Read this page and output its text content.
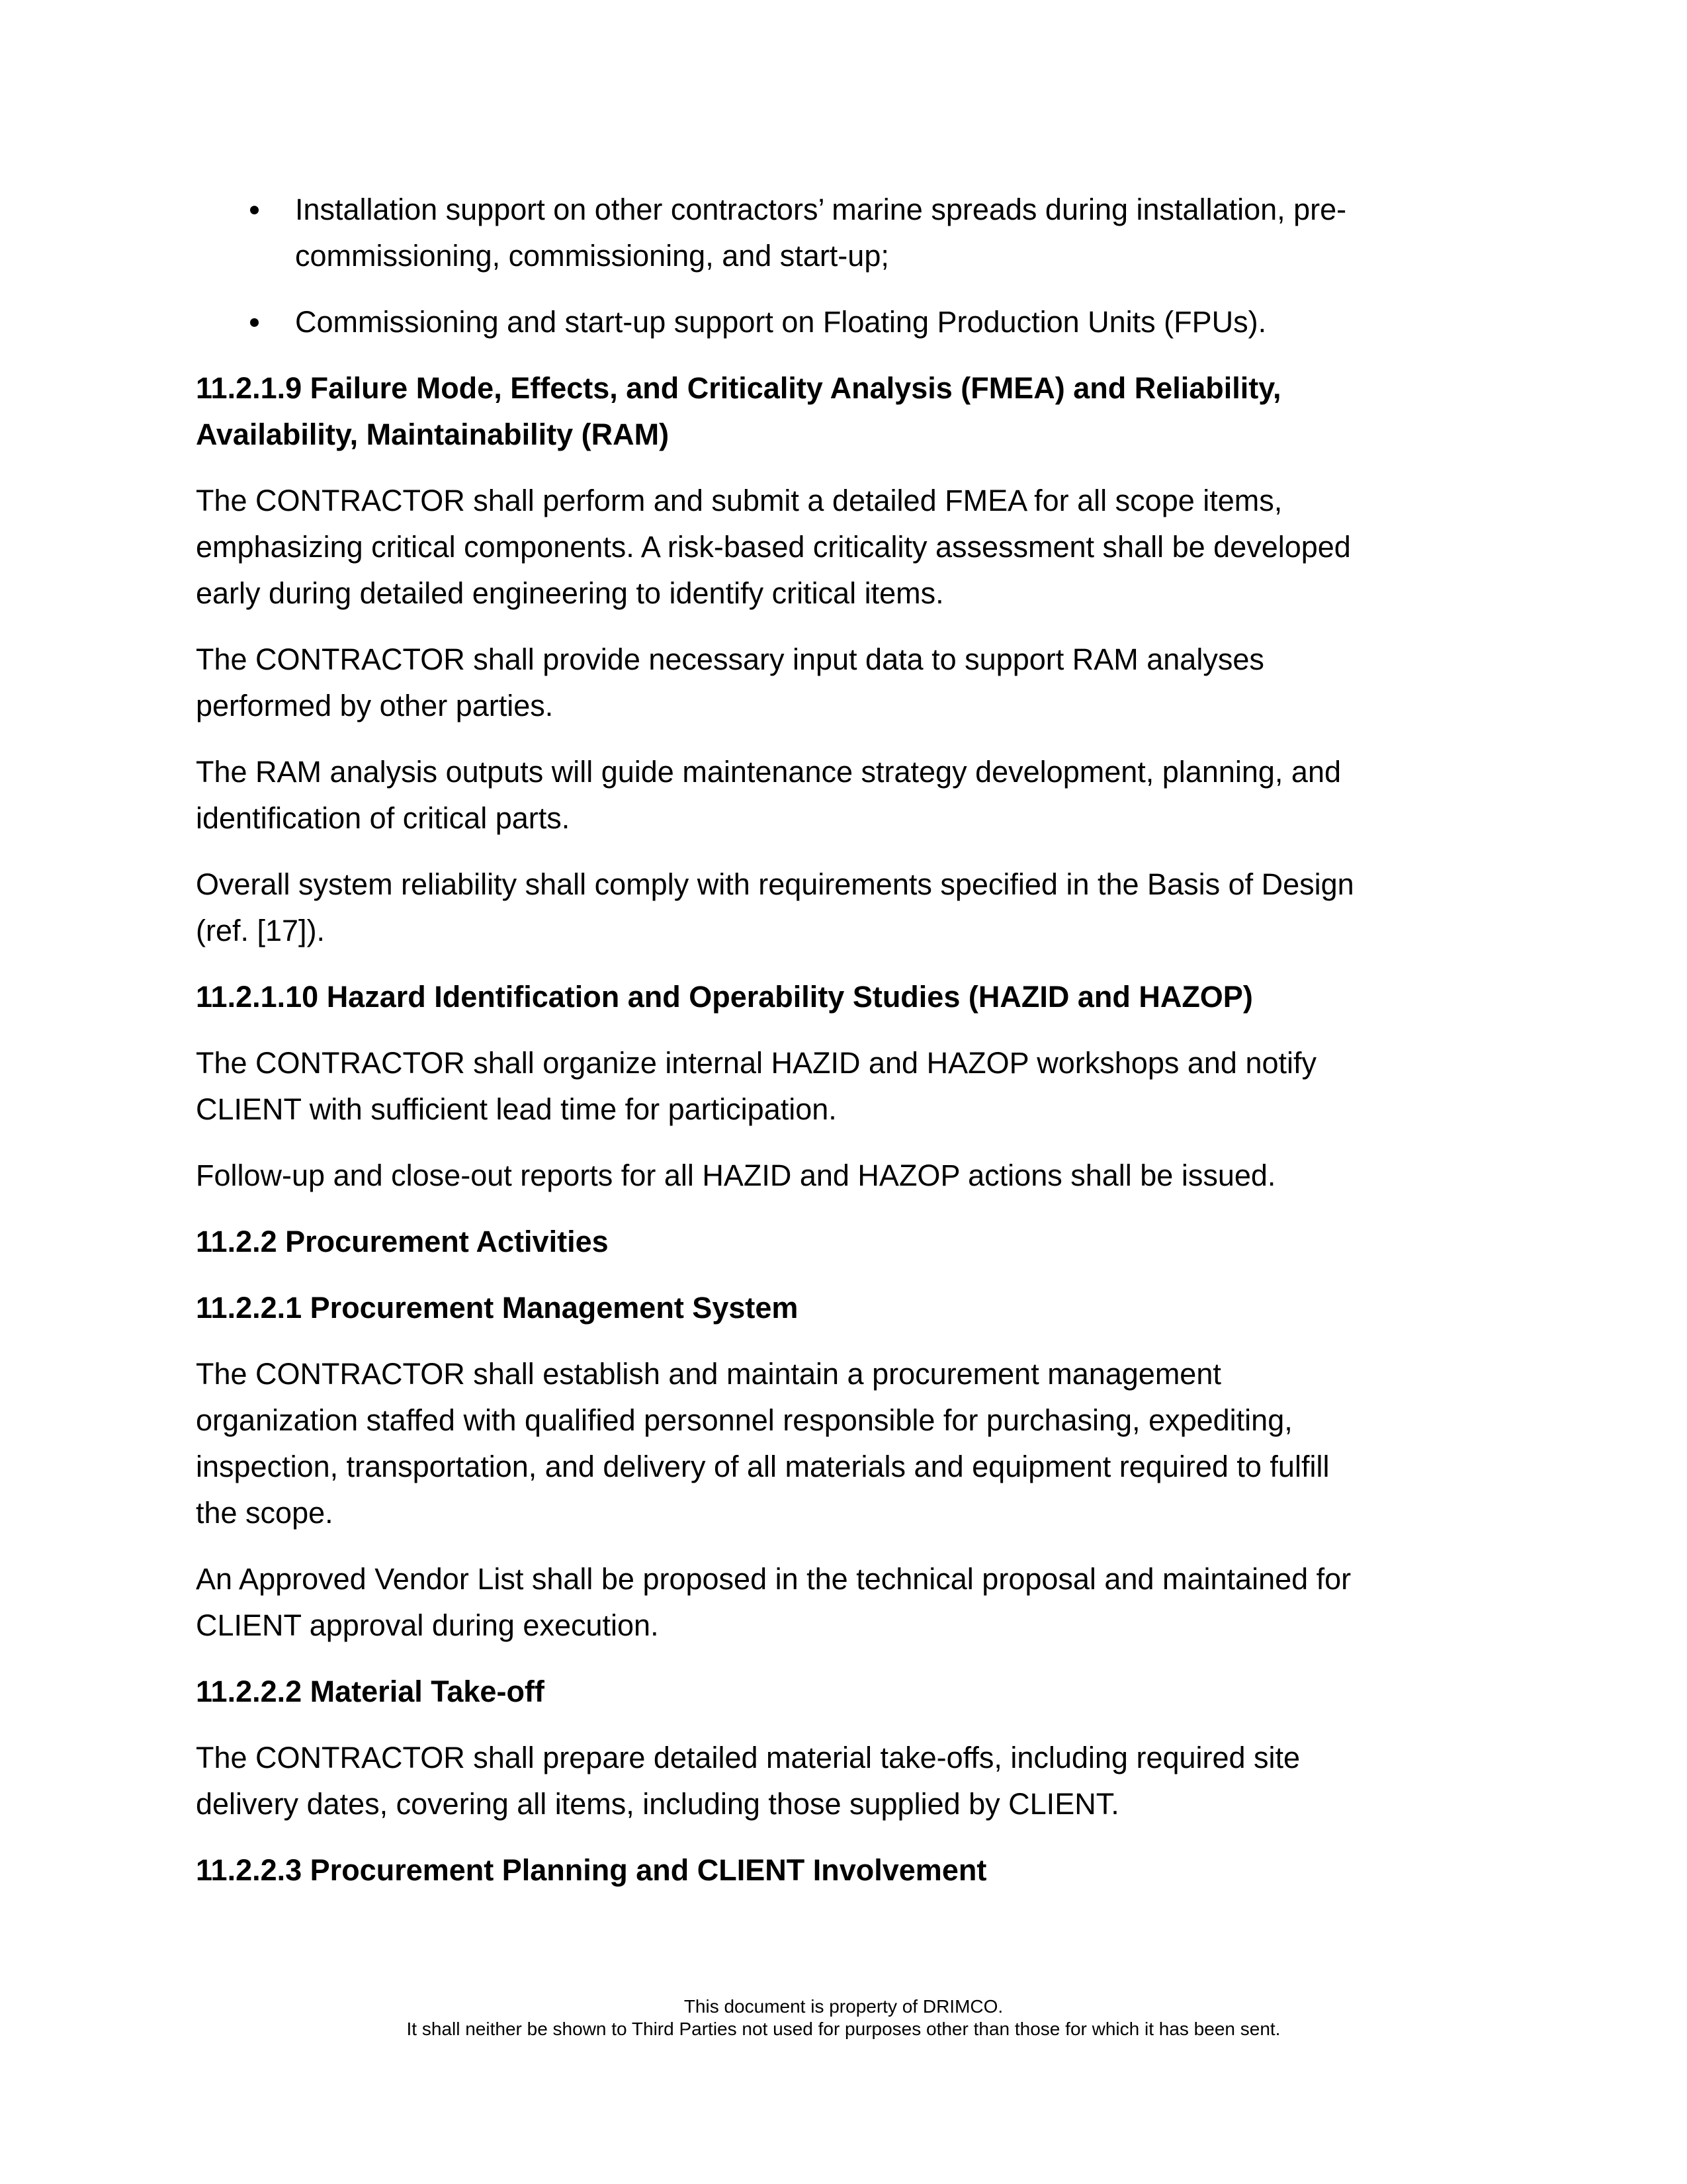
Installation support on other contractors’ marine spreads during installation, pre-
commissioning, commissioning, and start-up;
Commissioning and start-up support on Floating Production Units (FPUs).
11.2.1.9 Failure Mode, Effects, and Criticality Analysis (FMEA) and Reliability,
Availability, Maintainability (RAM)
The CONTRACTOR shall perform and submit a detailed FMEA for all scope items,
emphasizing critical components. A risk-based criticality assessment shall be developed
early during detailed engineering to identify critical items.
The CONTRACTOR shall provide necessary input data to support RAM analyses
performed by other parties.
The RAM analysis outputs will guide maintenance strategy development, planning, and
identification of critical parts.
Overall system reliability shall comply with requirements specified in the Basis of Design
(ref. [17]).
11.2.1.10 Hazard Identification and Operability Studies (HAZID and HAZOP)
The CONTRACTOR shall organize internal HAZID and HAZOP workshops and notify
CLIENT with sufficient lead time for participation.
Follow-up and close-out reports for all HAZID and HAZOP actions shall be issued.
11.2.2 Procurement Activities
11.2.2.1 Procurement Management System
The CONTRACTOR shall establish and maintain a procurement management
organization staffed with qualified personnel responsible for purchasing, expediting,
inspection, transportation, and delivery of all materials and equipment required to fulfill
the scope.
An Approved Vendor List shall be proposed in the technical proposal and maintained for
CLIENT approval during execution.
11.2.2.2 Material Take-off
The CONTRACTOR shall prepare detailed material take-offs, including required site
delivery dates, covering all items, including those supplied by CLIENT.
11.2.2.3 Procurement Planning and CLIENT Involvement
This document is property of DRIMCO.
It shall neither be shown to Third Parties not used for purposes other than those for which it has been sent.
